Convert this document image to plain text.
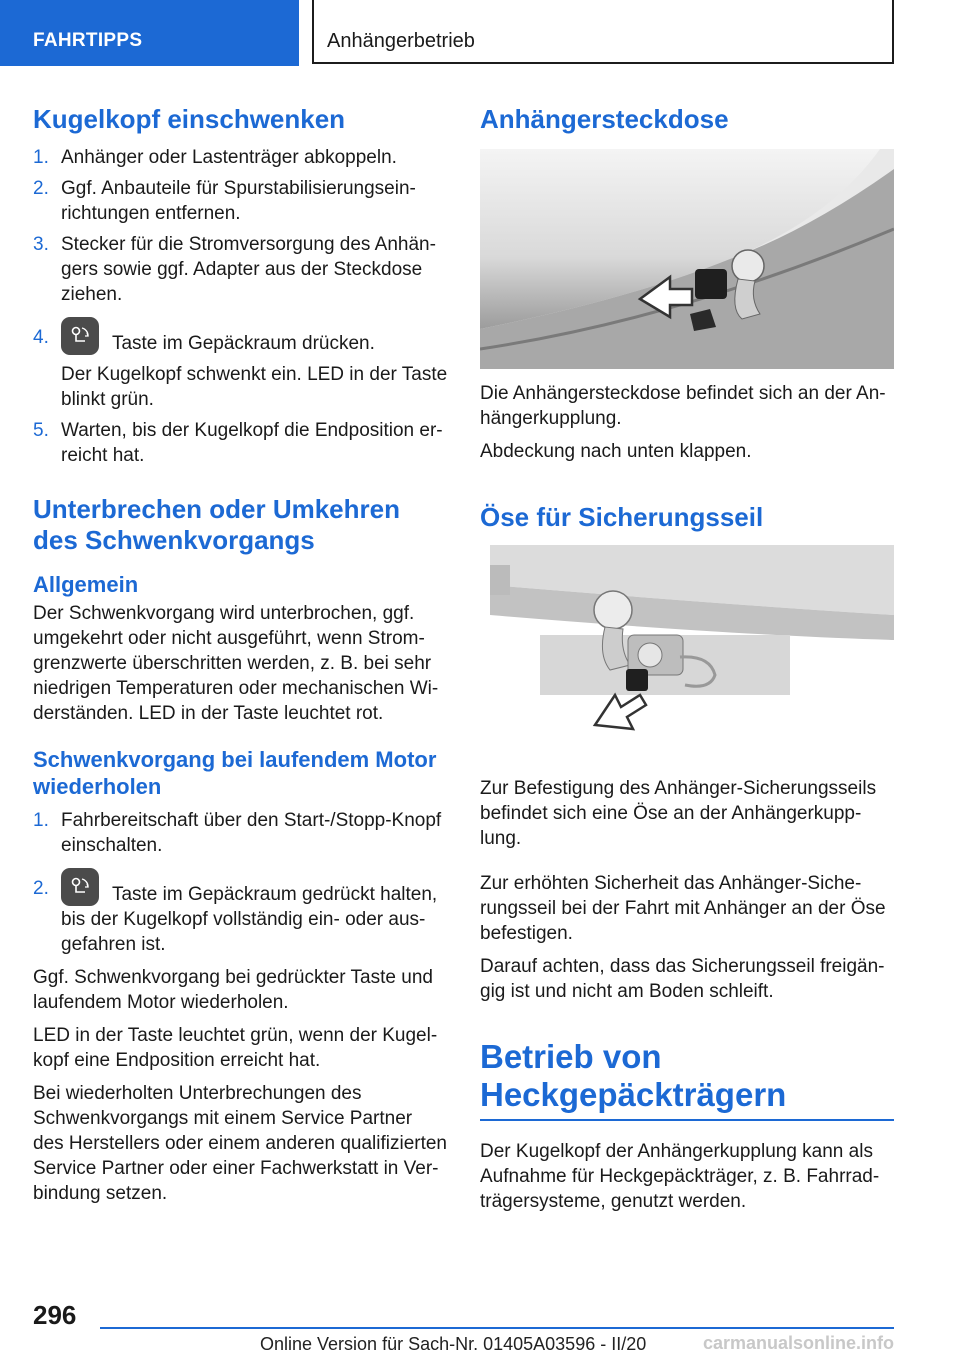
FAHRTIPPS	Anhängerbetrieb
Kugelkopf einschwenken
1. Anhänger oder Lastenträger abkoppeln.
2. Ggf. Anbauteile für Spurstabilisierungsein-richtungen entfernen.
3. Stecker für die Stromversorgung des Anhän-gers sowie ggf. Adapter aus der Steckdose ziehen.
4.	Taste im Gepäckraum drücken.
Der Kugelkopf schwenkt ein. LED in der Taste blinkt grün.
5. Warten, bis der Kugelkopf die Endposition er-reicht hat.
Unterbrechen oder Umkehren des Schwenkvorgangs
Allgemein

Der Schwenkvorgang wird unterbrochen, ggf. umgekehrt oder nicht ausgeführt, wenn Strom-grenzwerte überschritten werden, z. B. bei sehr niedrigen Temperaturen oder mechanischen Wi-derständen. LED in der Taste leuchtet rot.

Schwenkvorgang bei laufendem Motor wiederholen
1. Fahrbereitschaft über den Start-/Stopp-Knopf einschalten.
2.	Taste im Gepäckraum gedrückt halten, bis der Kugelkopf vollständig ein- oder aus-gefahren ist.

Ggf. Schwenkvorgang bei gedrückter Taste und laufendem Motor wiederholen.

LED in der Taste leuchtet grün, wenn der Kugel-kopf eine Endposition erreicht hat.

Bei wiederholten Unterbrechungen des Schwenkvorgangs mit einem Service Partner des Herstellers oder einem anderen qualifizierten Service Partner oder einer Fachwerkstatt in Ver-bindung setzen.

Anhängersteckdose

Die Anhängersteckdose befindet sich an der An-hängerkupplung.

Abdeckung nach unten klappen.

Öse für Sicherungsseil

Zur Befestigung des Anhänger-Sicherungsseils befindet sich eine Öse an der Anhängerkupp-lung.

Zur erhöhten Sicherheit das Anhänger-Siche-rungsseil bei der Fahrt mit Anhänger an der Öse befestigen.

Darauf achten, dass das Sicherungsseil freigän-gig ist und nicht am Boden schleift.

Betrieb von Heckgepäckträgern

Der Kugelkopf der Anhängerkupplung kann als Aufnahme für Heckgepäckträger, z. B. Fahrrad-trägersysteme, genutzt werden.

296
Online Version für Sach-Nr. 01405A03596 - II/20	carmanualsonline.info
